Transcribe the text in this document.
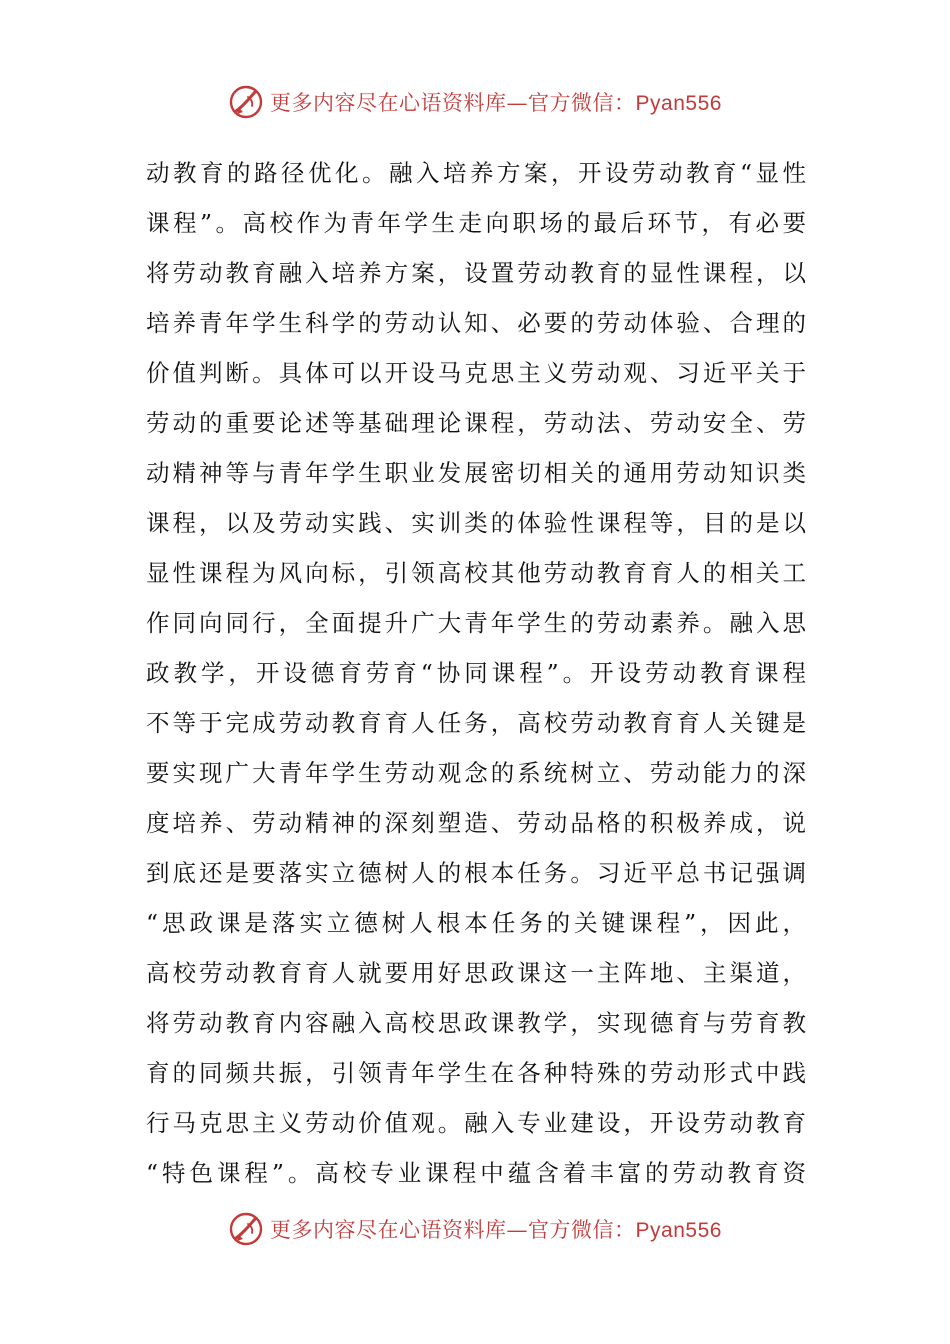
更多内容尽在心语资料库—官方微信：Pyan556
动教育的路径优化。融入培养方案，开设劳动教育“显性
课程”。高校作为青年学生走向职场的最后环节，有必要
将劳动教育融入培养方案，设置劳动教育的显性课程，以
培养青年学生科学的劳动认知、必要的劳动体验、合理的
价值判断。具体可以开设马克思主义劳动观、习近平关于
劳动的重要论述等基础理论课程，劳动法、劳动安全、劳
动精神等与青年学生职业发展密切相关的通用劳动知识类
课程，以及劳动实践、实训类的体验性课程等，目的是以
显性课程为风向标，引领高校其他劳动教育育人的相关工
作同向同行，全面提升广大青年学生的劳动素养。融入思
政教学，开设德育劳育“协同课程”。开设劳动教育课程
不等于完成劳动教育育人任务，高校劳动教育育人关键是
要实现广大青年学生劳动观念的系统树立、劳动能力的深
度培养、劳动精神的深刻塑造、劳动品格的积极养成，说
到底还是要落实立德树人的根本任务。习近平总书记强调
“思政课是落实立德树人根本任务的关键课程”，因此，
高校劳动教育育人就要用好思政课这一主阵地、主渠道，
将劳动教育内容融入高校思政课教学，实现德育与劳育教
育的同频共振，引领青年学生在各种特殊的劳动形式中践
行马克思主义劳动价值观。融入专业建设，开设劳动教育
“特色课程”。高校专业课程中蕴含着丰富的劳动教育资
更多内容尽在心语资料库—官方微信：Pyan556
